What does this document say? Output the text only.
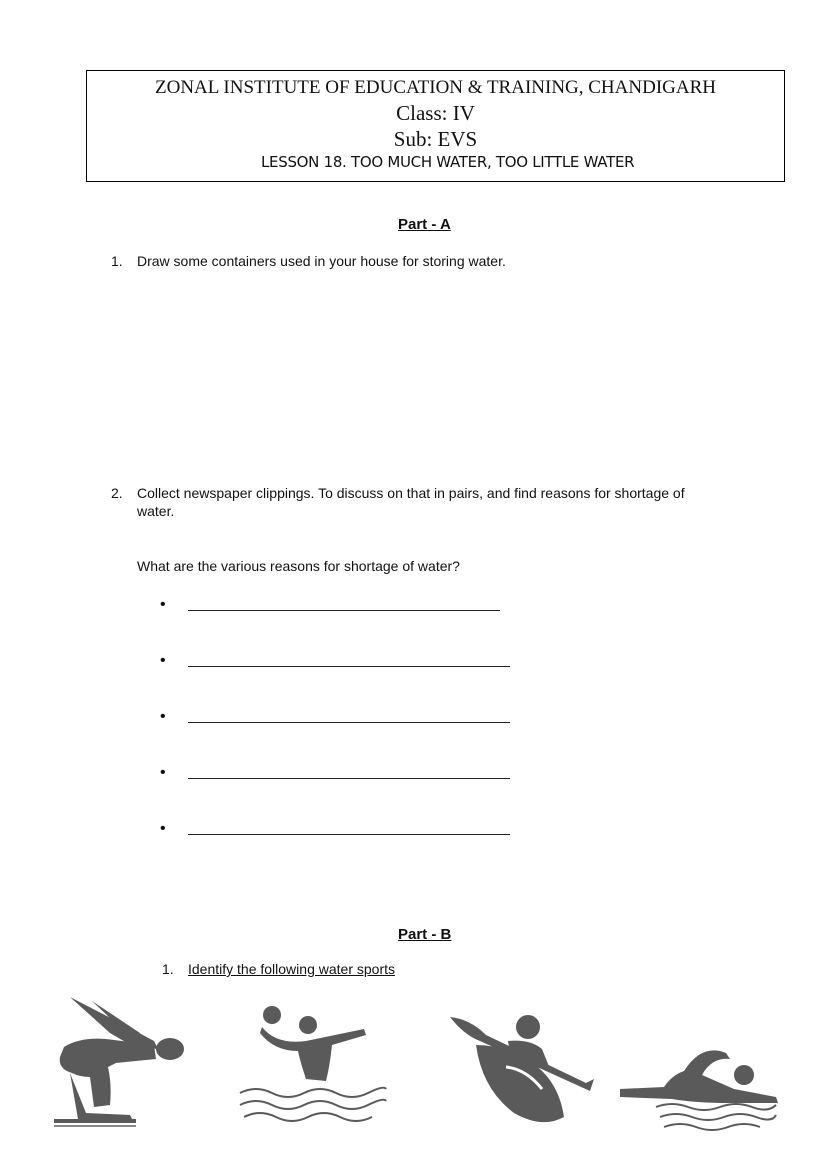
ZONAL INSTITUTE OF EDUCATION & TRAINING, CHANDIGARH
Class: IV
Sub: EVS
LESSON 18. TOO MUCH WATER, TOO LITTLE WATER
Part - A
1. Draw some containers used in your house for storing water.
2. Collect newspaper clippings. To discuss on that in pairs, and find reasons for shortage of
water.
What are the various reasons for shortage of water?
•
•
•
•
•
Part - B
1. Identify the following water sports
